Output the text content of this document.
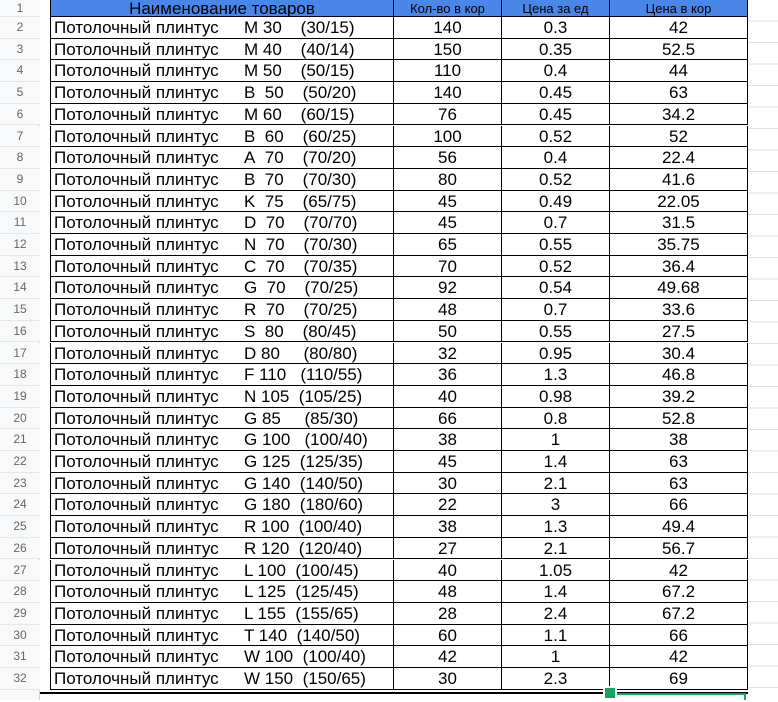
1
2
3
4
5
6
7
8
9
10
11
12
13
14
15
16
17
18
19
20
21
22
23
24
25
26
27
28
29
30
31
32
Наименование товаров	Кол-во в кор	Цена за ед	Цена в кор
Потолочный плинтус М 30    (30/15)	140	0.3	42
Потолочный плинтус М 40    (40/14)	150	0.35	52.5
Потолочный плинтус М 50    (50/15)	110	0.4	44
Потолочный плинтус В  50    (50/20)	140	0.45	63
Потолочный плинтус М 60    (60/15)	76	0.45	34.2
Потолочный плинтус В  60    (60/25)	100	0.52	52
Потолочный плинтус А  70    (70/20)	56	0.4	22.4
Потолочный плинтус В  70    (70/30)	80	0.52	41.6
Потолочный плинтус K  75    (65/75)	45	0.49	22.05
Потолочный плинтус D  70    (70/70)	45	0.7	31.5
Потолочный плинтус N  70    (70/30)	65	0.55	35.75
Потолочный плинтус С  70    (70/35)	70	0.52	36.4
Потолочный плинтус G  70    (70/25)	92	0.54	49.68
Потолочный плинтус R  70    (70/25)	48	0.7	33.6
Потолочный плинтус S  80    (80/45)	50	0.55	27.5
Потолочный плинтус D 80     (80/80)	32	0.95	30.4
Потолочный плинтус F 110   (110/55)	36	1.3	46.8
Потолочный плинтус N 105  (105/25)	40	0.98	39.2
Потолочный плинтус G 85     (85/30)	66	0.8	52.8
Потолочный плинтус G 100   (100/40)	38	1	38
Потолочный плинтус G 125  (125/35)	45	1.4	63
Потолочный плинтус G 140  (140/50)	30	2.1	63
Потолочный плинтус G 180  (180/60)	22	3	66
Потолочный плинтус R 100  (100/40)	38	1.3	49.4
Потолочный плинтус R 120  (120/40)	27	2.1	56.7
Потолочный плинтус L 100  (100/45)	40	1.05	42
Потолочный плинтус L 125  (125/45)	48	1.4	67.2
Потолочный плинтус L 155  (155/65)	28	2.4	67.2
Потолочный плинтус T 140  (140/50)	60	1.1	66
Потолочный плинтус W 100  (100/40)	42	1	42
Потолочный плинтус W 150  (150/65)	30	2.3	69
